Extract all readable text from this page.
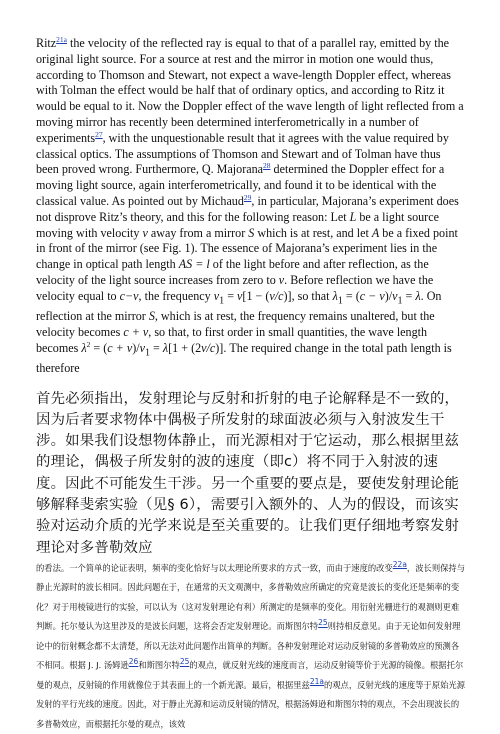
Ritz$^{21a}$ the velocity of the reflected ray is equal to that of a parallel ray, emitted by the original light source. For a source at rest and the mirror in motion one would thus, according to Thomson and Stewart, not expect a wave-length Doppler effect, whereas with Tolman the effect would be half that of ordinary optics, and according to Ritz it would be equal to it. Now the Doppler effect of the wave length of light reflected from a moving mirror has recently been determined interferometrically in a number of experiments$^{27}$, with the unquestionable result that it agrees with the value required by classical optics. The assumptions of Thomson and Stewart and of Tolman have thus been proved wrong. Furthermore, Q. Majorana$^{28}$ determined the Doppler effect for a moving light source, again interferometrically, and found it to be identical with the classical value. As pointed out by Michaud$^{29}$, in particular, Majorana’s experiment does not disprove Ritz’s theory, and this for the following reason: Let L be a light source moving with velocity v away from a mirror S which is at rest, and let A be a fixed point in front of the mirror (see Fig. 1). The essence of Majorana’s experiment lies in the change in optical path length AS = l of the light before and after reflection, as the velocity of the light source increases from zero to v. Before reflection we have the velocity equal to c−v, the frequency $\nu_1 = \nu[1 - (v/c)]$, so that $\lambda_1 = (c - v)/v_1 = \lambda$. On reflection at the mirror S, which is at rest, the frequency remains unaltered, but the velocity becomes c + v, so that, to first order in small quantities, the wave length becomes $\lambda^2 = (c + v)/v_1 = \lambda[1 + (2v/c)]$. The required change in the total path length is therefore

首先必须指出，发射理论与反射和折射的电子论解释是不一致的，因为后者要求物体中偶极子所发射的球面波必须与入射波发生干涉。如果我们设想物体静止，而光源相对于它运动，那么根据里兹的理论，偶极子所发射的波的速度（即c）将不同于入射波的速度。因此不可能发生干涉。另一个重要的要点是，要使发射理论能够解释斐索实验（见§ 6），需要引入额外的、人为的假设，而该实验对运动介质的光学来说是至关重要的。让我们更仔细地考察发射理论对多普勒效应

的看法。一个简单的论证表明，频率的变化恰好与以太理论所要求的方式一致，而由于速度的改变$^{22a}$，波长则保持与静止光源时的波长相同。因此问题在于，在通常的天文观测中，多普勒效应所确定的究竟是波长的变化还是频率的变化？对于用棱镜进行的实验，可以认为（这对发射理论有利）所测定的是频率的变化。用衍射光栅进行的观测则更难判断。托尔曼认为这里涉及的是波长问题，这将会否定发射理论。而斯图尔特$^{25}$则持相反意见。由于无论如何发射理论中的衍射概念都不太清楚，所以无法对此问题作出简单的判断。各种发射理论对运动反射镜的多普勒效应的预测各不相同。根据 J. J. 汤姆逊$^{26}$和斯图尔特$^{25}$的观点，就反射光线的速度而言，运动反射镜等价于光源的镜像。根据托尔曼的观点，反射镜的作用就像位于其表面上的一个新光源。最后，根据里兹$^{21a}$的观点，反射光线的速度等于原始光源发射的平行光线的速度。因此，对于静止光源和运动反射镜的情况，根据汤姆逊和斯图尔特的观点，不会出现波长的多普勒效应，而根据托尔曼的观点，该效
